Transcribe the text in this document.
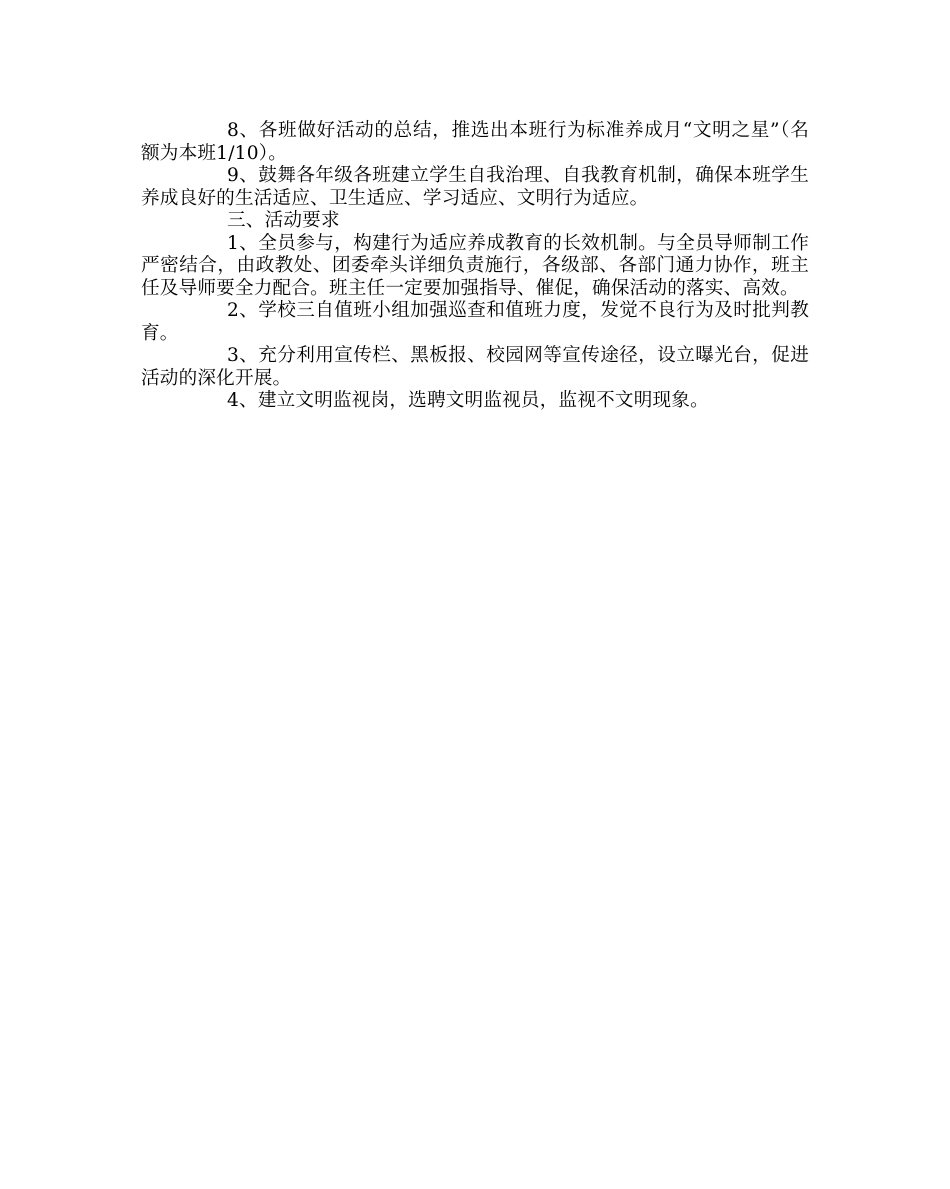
8、各班做好活动的总结，推选出本班行为标准养成月“文明之星”（名额为本班1/10）。

9、鼓舞各年级各班建立学生自我治理、自我教育机制，确保本班学生养成良好的生活适应、卫生适应、学习适应、文明行为适应。

三、活动要求

1、全员参与，构建行为适应养成教育的长效机制。与全员导师制工作严密结合，由政教处、团委牵头详细负责施行，各级部、各部门通力协作，班主任及导师要全力配合。班主任一定要加强指导、催促，确保活动的落实、高效。

2、学校三自值班小组加强巡查和值班力度，发觉不良行为及时批判教育。

3、充分利用宣传栏、黑板报、校园网等宣传途径，设立曝光台，促进活动的深化开展。

4、建立文明监视岗，选聘文明监视员，监视不文明现象。
